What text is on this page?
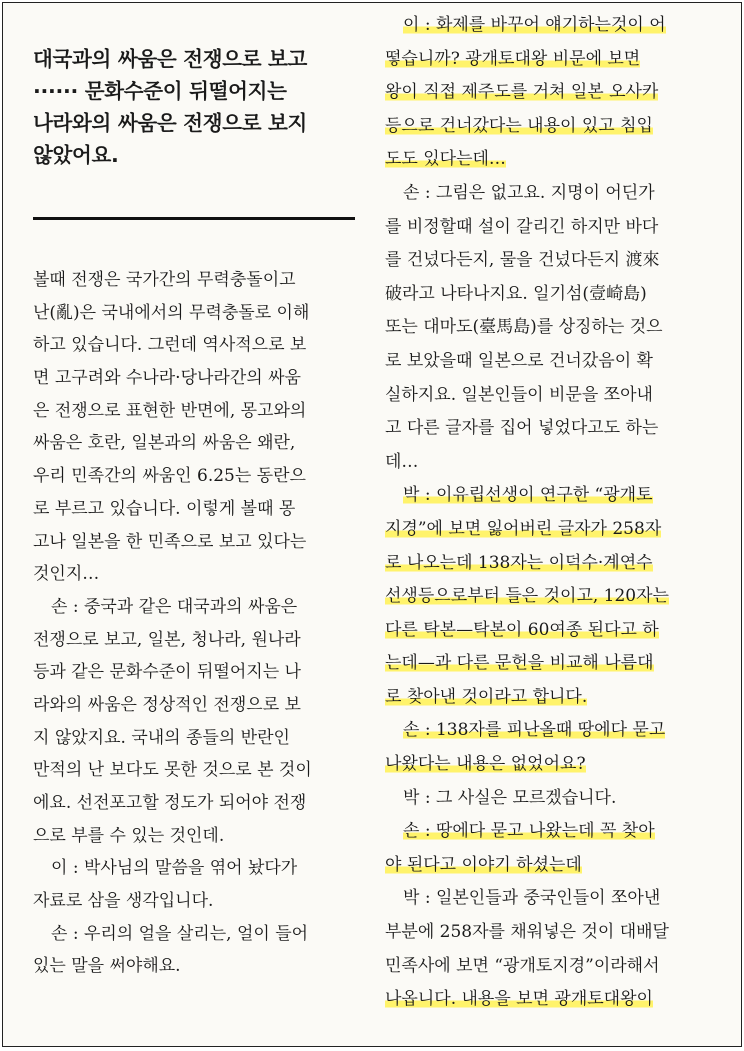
대국과의 싸움은 전쟁으로 보고
······ 문화수준이 뒤떨어지는
나라와의 싸움은 전쟁으로 보지
않았어요.

볼때 전쟁은 국가간의 무력충돌이고
난(亂)은 국내에서의 무력충돌로 이해
하고 있습니다. 그런데 역사적으로 보
면 고구려와 수나라·당나라간의 싸움
은 전쟁으로 표현한 반면에, 몽고와의
싸움은 호란, 일본과의 싸움은 왜란,
우리 민족간의 싸움인 6.25는 동란으
로 부르고 있습니다. 이렇게 볼때 몽
고나 일본을 한 민족으로 보고 있다는
것인지…
손 : 중국과 같은 대국과의 싸움은
전쟁으로 보고, 일본, 청나라, 원나라
등과 같은 문화수준이 뒤떨어지는 나
라와의 싸움은 정상적인 전쟁으로 보
지 않았지요. 국내의 종들의 반란인
만적의 난 보다도 못한 것으로 본 것이
에요. 선전포고할 정도가 되어야 전쟁
으로 부를 수 있는 것인데.
이 : 박사님의 말씀을 엮어 놨다가
자료로 삼을 생각입니다.
손 : 우리의 얼을 살리는, 얼이 들어
있는 말을 써야해요.
이 : 화제를 바꾸어 얘기하는것이 어
떻습니까? 광개토대왕 비문에 보면
왕이 직접 제주도를 거쳐 일본 오사카
등으로 건너갔다는 내용이 있고 침입
도도 있다는데…
손 : 그림은 없고요. 지명이 어딘가
를 비정할때 설이 갈리긴 하지만 바다
를 건넜다든지, 물을 건넜다든지 渡來
破라고 나타나지요. 일기섬(壹崎島)
또는 대마도(臺馬島)를 상징하는 것으
로 보았을때 일본으로 건너갔음이 확
실하지요. 일본인들이 비문을 쪼아내
고 다른 글자를 집어 넣었다고도 하는
데…
박 : 이유립선생이 연구한 “광개토
지경”에 보면 잃어버린 글자가 258자
로 나오는데 138자는 이덕수·계연수
선생등으로부터 들은 것이고, 120자는
다른 탁본—탁본이 60여종 된다고 하
는데—과 다른 문헌을 비교해 나름대
로 찾아낸 것이라고 합니다.
손 : 138자를 피난올때 땅에다 묻고
나왔다는 내용은 없었어요?
박 : 그 사실은 모르겠습니다.
손 : 땅에다 묻고 나왔는데 꼭 찾아
야 된다고 이야기 하셨는데
박 : 일본인들과 중국인들이 쪼아낸
부분에 258자를 채워넣은 것이 대배달
민족사에 보면 “광개토지경”이라해서
나옵니다. 내용을 보면 광개토대왕이
